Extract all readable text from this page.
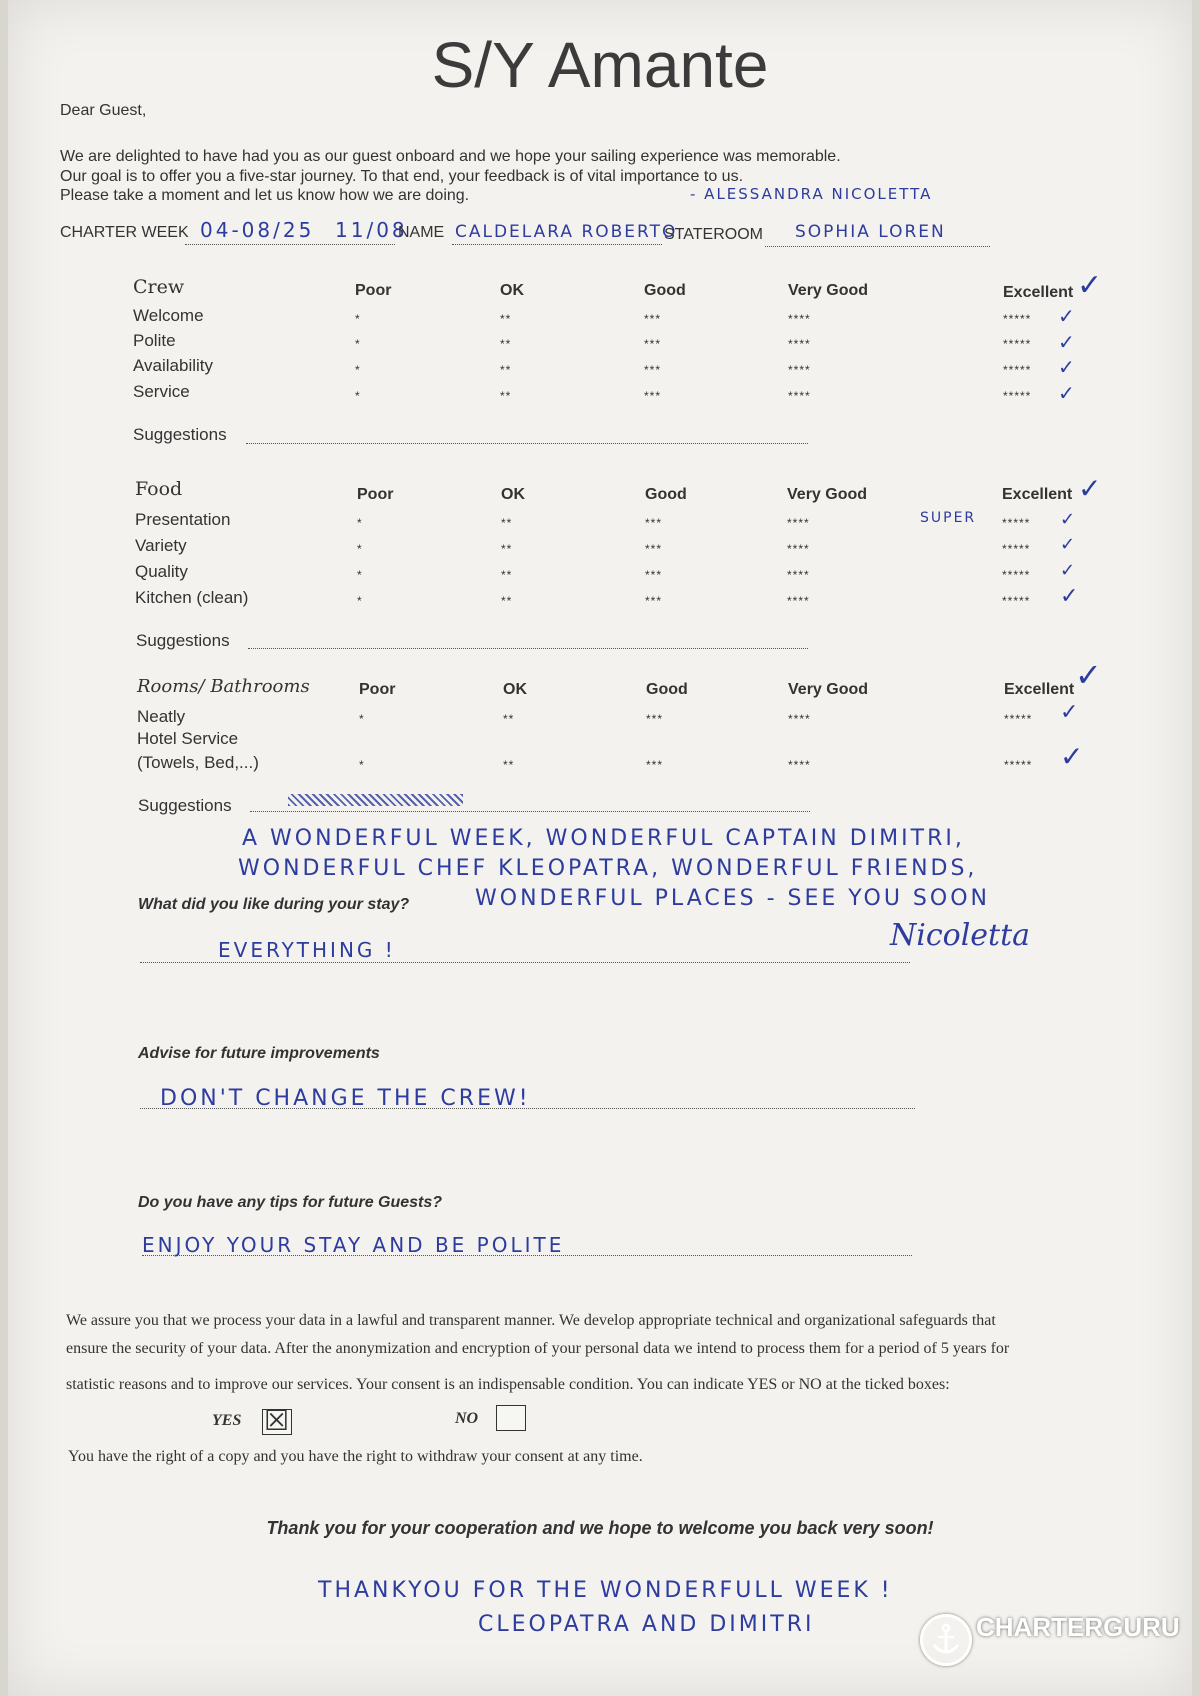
S/Y Amante
Dear Guest,
We are delighted to have had you as our guest onboard and we hope your sailing experience was memorable.
Our goal is to offer you a five-star journey. To that end, your feedback is of vital importance to us.
Please take a moment and let us know how we are doing.
CHARTER WEEK 04-08/25 11/08
NAME CALDELARA ROBERTO
- ALESSANDRA NICOLETTA
STATEROOM SOPHIA LOREN
Crew	Poor	OK	Good	Very Good	Excellent ✓
Welcome	*	**	***	****	***** ✓
Polite	*	**	***	****	***** ✓
Availability	*	**	***	****	***** ✓
Service	*	**	***	****	***** ✓
Suggestions
Food	Poor	OK	Good	Very Good	Excellent ✓
Presentation	*	**	***	****	SUPER ***** ✓
Variety	*	**	***	****	***** ✓
Quality	*	**	***	****	***** ✓
Kitchen (clean)	*	**	***	****	***** ✓
Suggestions
Rooms/ Bathrooms	Poor	OK	Good	Very Good	Excellent ✓
Neatly	*	**	***	****	***** ✓
Hotel Service
(Towels, Bed,...)	*	**	***	****	***** ✓
Suggestions
A WONDERFUL WEEK, WONDERFUL CAPTAIN DIMITRI,
WONDERFUL CHEF KLEOPATRA, WONDERFUL FRIENDS,
WONDERFUL PLACES - SEE YOU SOON
Nicoletta
What did you like during your stay?
EVERYTHING !
Advise for future improvements
DON'T CHANGE THE CREW!
Do you have any tips for future Guests?
ENJOY YOUR STAY AND BE POLITE
We assure you that we process your data in a lawful and transparent manner. We develop appropriate technical and organizational safeguards that
ensure the security of your data. After the anonymization and encryption of your personal data we intend to process them for a period of 5 years for
statistic reasons and to improve our services. Your consent is an indispensable condition. You can indicate YES or NO at the ticked boxes:
YES ☒	NO
You have the right of a copy and you have the right to withdraw your consent at any time.
Thank you for your cooperation and we hope to welcome you back very soon!
THANKYOU FOR THE WONDERFULL WEEK !
CLEOPATRA AND DIMITRI	CHARTERGURU
